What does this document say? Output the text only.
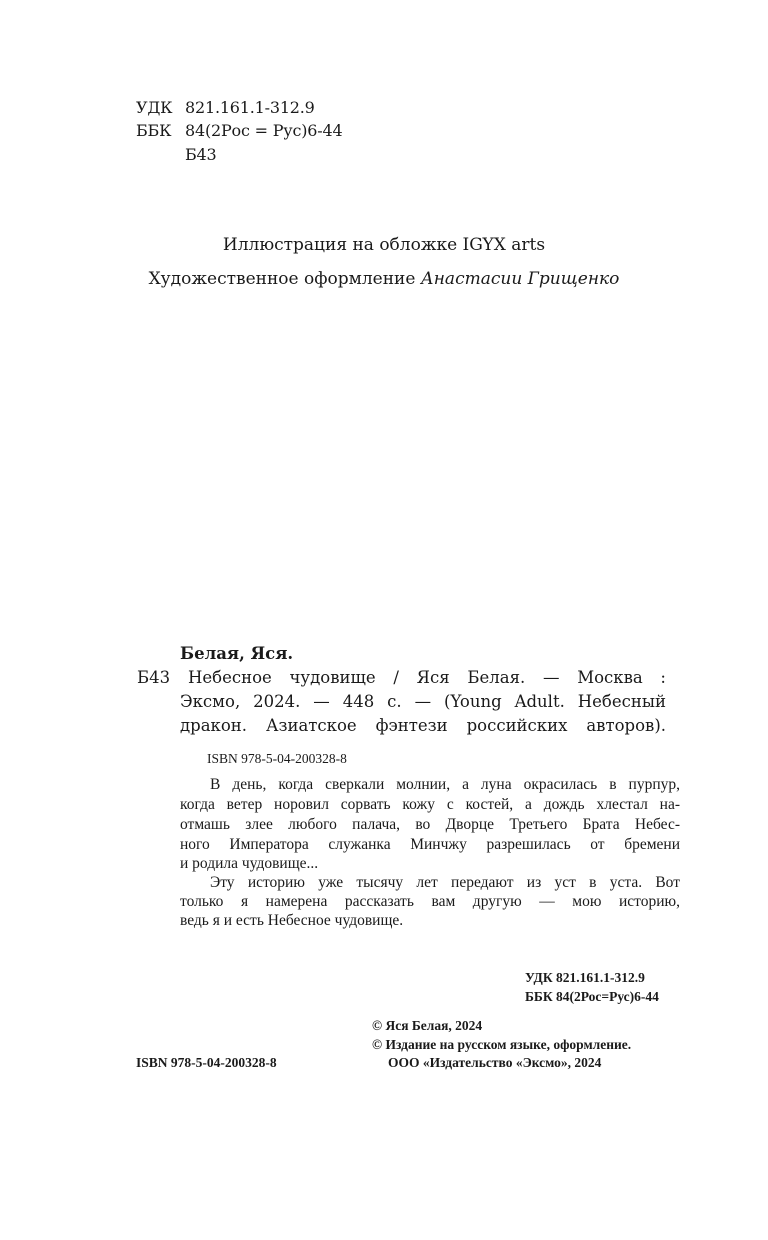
УДК 821.161.1-312.9
ББК 84(2Рос = Рус)6-44
Б43
Иллюстрация на обложке IGYX arts
Художественное оформление Анастасии Грищенко
Белая, Яся.
Б43 Небесное чудовище / Яся Белая. — Москва :
Эксмо, 2024. — 448 с. — (Young Adult. Небесный
дракон. Азиатское фэнтези российских авторов).
ISBN 978-5-04-200328-8
В день, когда сверкали молнии, а луна окрасилась в пурпур,
когда ветер норовил сорвать кожу с костей, а дождь хлестал на-
отмашь злее любого палача, во Дворце Третьего Брата Небес-
ного Императора служанка Минчжу разрешилась от бремени
и родила чудовище...
Эту историю уже тысячу лет передают из уст в уста. Вот
только я намерена рассказать вам другую — мою историю,
ведь я и есть Небесное чудовище.
УДК 821.161.1-312.9
ББК 84(2Рос=Рус)6-44
© Яся Белая, 2024
© Издание на русском языке, оформление.
ООО «Издательство «Эксмо», 2024
ISBN 978-5-04-200328-8
